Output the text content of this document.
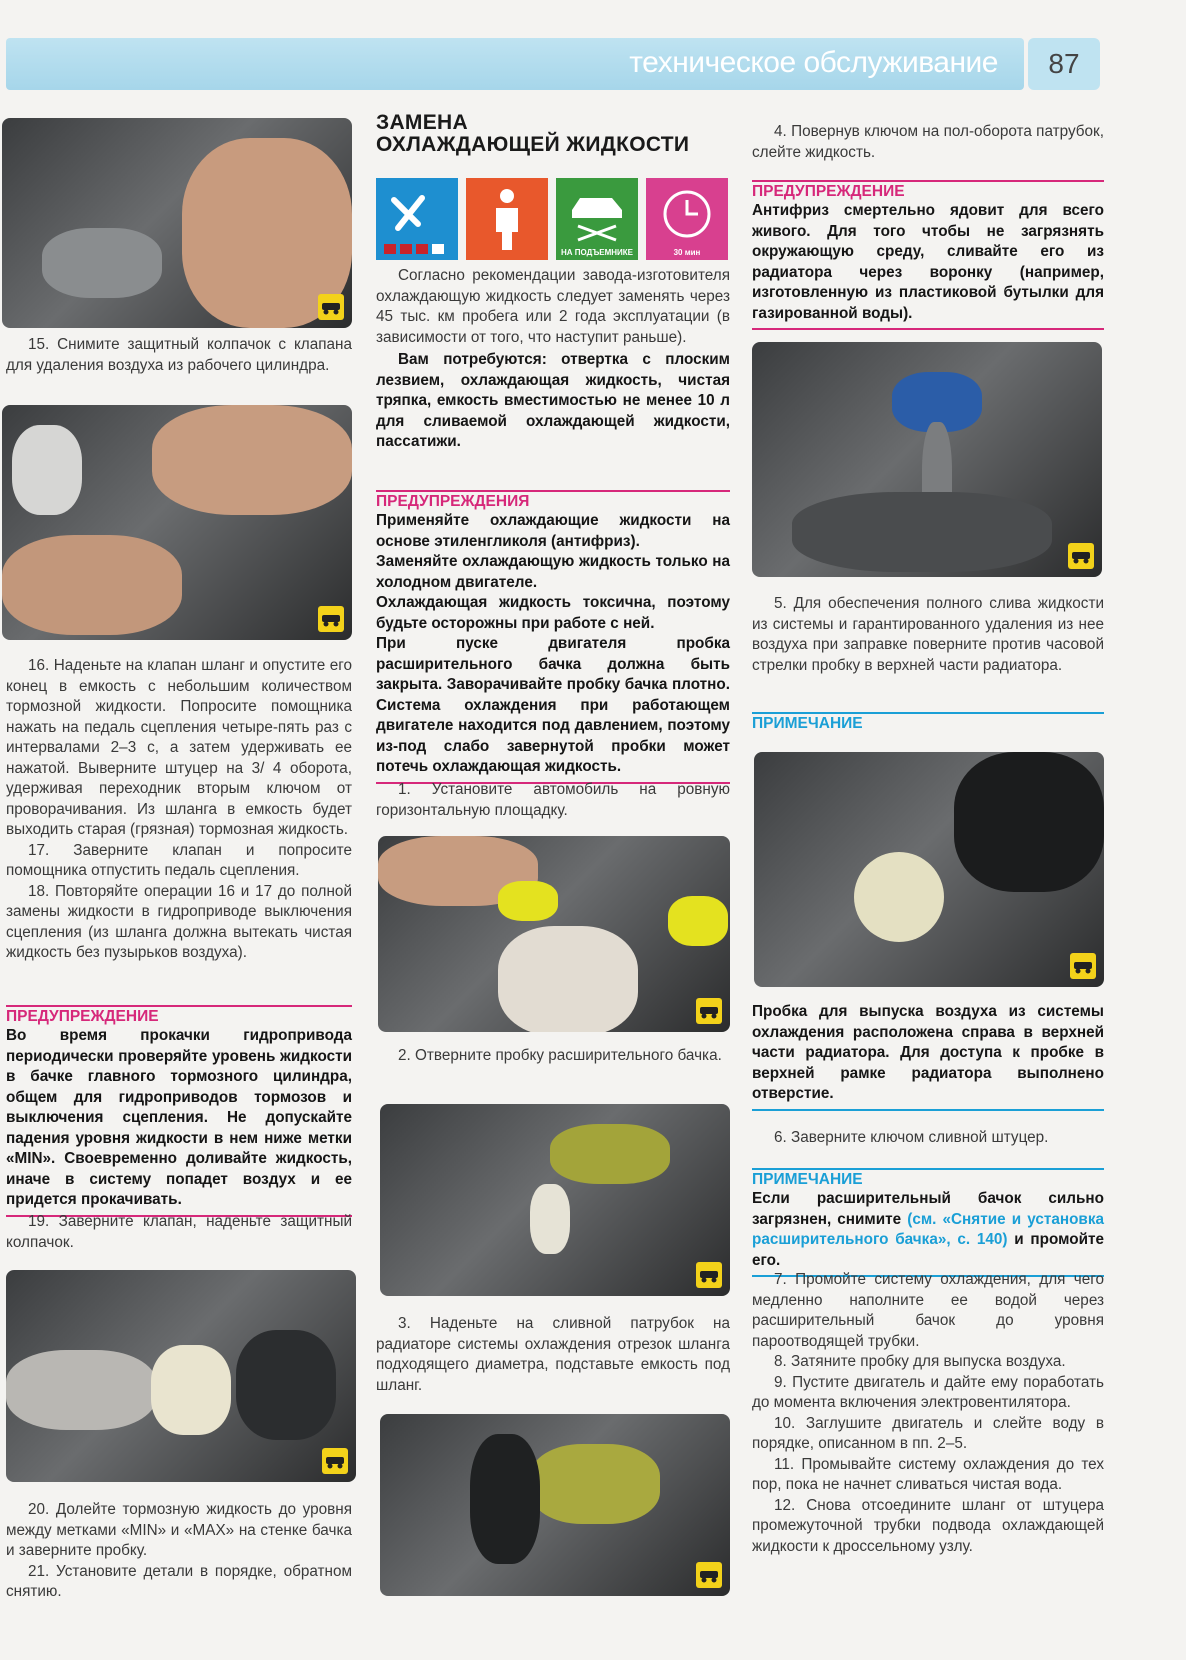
техническое обслуживание	87

15. Снимите защитный колпачок с клапана для удаления воздуха из рабочего цилиндра.

16. Наденьте на клапан шланг и опустите его конец в емкость с небольшим количеством тормозной жидкости. Попросите помощника нажать на педаль сцепления четыре-пять раз с интервалами 2–3 с, а затем удерживать ее нажатой. Выверните штуцер на 3/ 4 оборота, удерживая переходник вторым ключом от проворачивания. Из шланга в емкость будет выходить старая (грязная) тормозная жидкость.

17. Заверните клапан и попросите помощника отпустить педаль сцепления.

18. Повторяйте операции 16 и 17 до полной замены жидкости в гидроприводе выключения сцепления (из шланга должна вытекать чистая жидкость без пузырьков воздуха).

ПРЕДУПРЕЖДЕНИЕ

Во время прокачки гидропривода периодически проверяйте уровень жидкости в бачке главного тормозного цилиндра, общем для гидроприводов тормозов и выключения сцепления. Не допускайте падения уровня жидкости в нем ниже метки «MIN». Своевременно доливайте жидкость, иначе в систему попадет воздух и ее придется прокачивать.

19. Заверните клапан, наденьте защитный колпачок.

20. Долейте тормозную жидкость до уровня между метками «MIN» и «MAX» на стенке бачка и заверните пробку.

21. Установите детали в порядке, обратном снятию.

ЗАМЕНА

ОХЛАЖДАЮЩЕЙ ЖИДКОСТИ

НА ПОДЪЕМНИКЕ	30 мин

Согласно рекомендации завода-изготовителя охлаждающую жидкость следует заменять через 45 тыс. км пробега или 2 года эксплуатации (в зависимости от того, что наступит раньше).

Вам потребуются: отвертка с плоским лезвием, охлаждающая жидкость, чистая тряпка, емкость вместимостью не менее 10 л для сливаемой охлаждающей жидкости, пассатижи.

ПРЕДУПРЕЖДЕНИЯ

Применяйте охлаждающие жидкости на основе этиленгликоля (антифриз).

Заменяйте охлаждающую жидкость только на холодном двигателе.

Охлаждающая жидкость токсична, поэтому будьте осторожны при работе с ней.

При пуске двигателя пробка расширительного бачка должна быть закрыта. Заворачивайте пробку бачка плотно. Система охлаждения при работающем двигателе находится под давлением, поэтому из-под слабо завернутой пробки может потечь охлаждающая жидкость.

1. Установите автомобиль на ровную горизонтальную площадку.

2. Отверните пробку расширительного бачка.

3. Наденьте на сливной патрубок на радиаторе системы охлаждения отрезок шланга подходящего диаметра, подставьте емкость под шланг.

4. Повернув ключом на пол-оборота патрубок, слейте жидкость.

ПРЕДУПРЕЖДЕНИЕ

Антифриз смертельно ядовит для всего живого. Для того чтобы не загрязнять окружающую среду, сливайте его из радиатора через воронку (например, изготовленную из пластиковой бутылки для газированной воды).

5. Для обеспечения полного слива жидкости из системы и гарантированного удаления из нее воздуха при заправке поверните против часовой стрелки пробку в верхней части радиатора.

ПРИМЕЧАНИЕ

Пробка для выпуска воздуха из системы охлаждения расположена справа в верхней части радиатора. Для доступа к пробке в верхней рамке радиатора выполнено отверстие.

6. Заверните ключом сливной штуцер.

ПРИМЕЧАНИЕ

Если расширительный бачок сильно загрязнен, снимите (см. «Снятие и установка расширительного бачка», с. 140) и промойте его.

7. Промойте систему охлаждения, для чего медленно наполните ее водой через расширительный бачок до уровня пароотводящей трубки.

8. Затяните пробку для выпуска воздуха.

9. Пустите двигатель и дайте ему поработать до момента включения электровентилятора.

10. Заглушите двигатель и слейте воду в порядке, описанном в пп. 2–5.

11. Промывайте систему охлаждения до тех пор, пока не начнет сливаться чистая вода.

12. Снова отсоедините шланг от штуцера промежуточной трубки подвода охлаждающей жидкости к дроссельному узлу.
